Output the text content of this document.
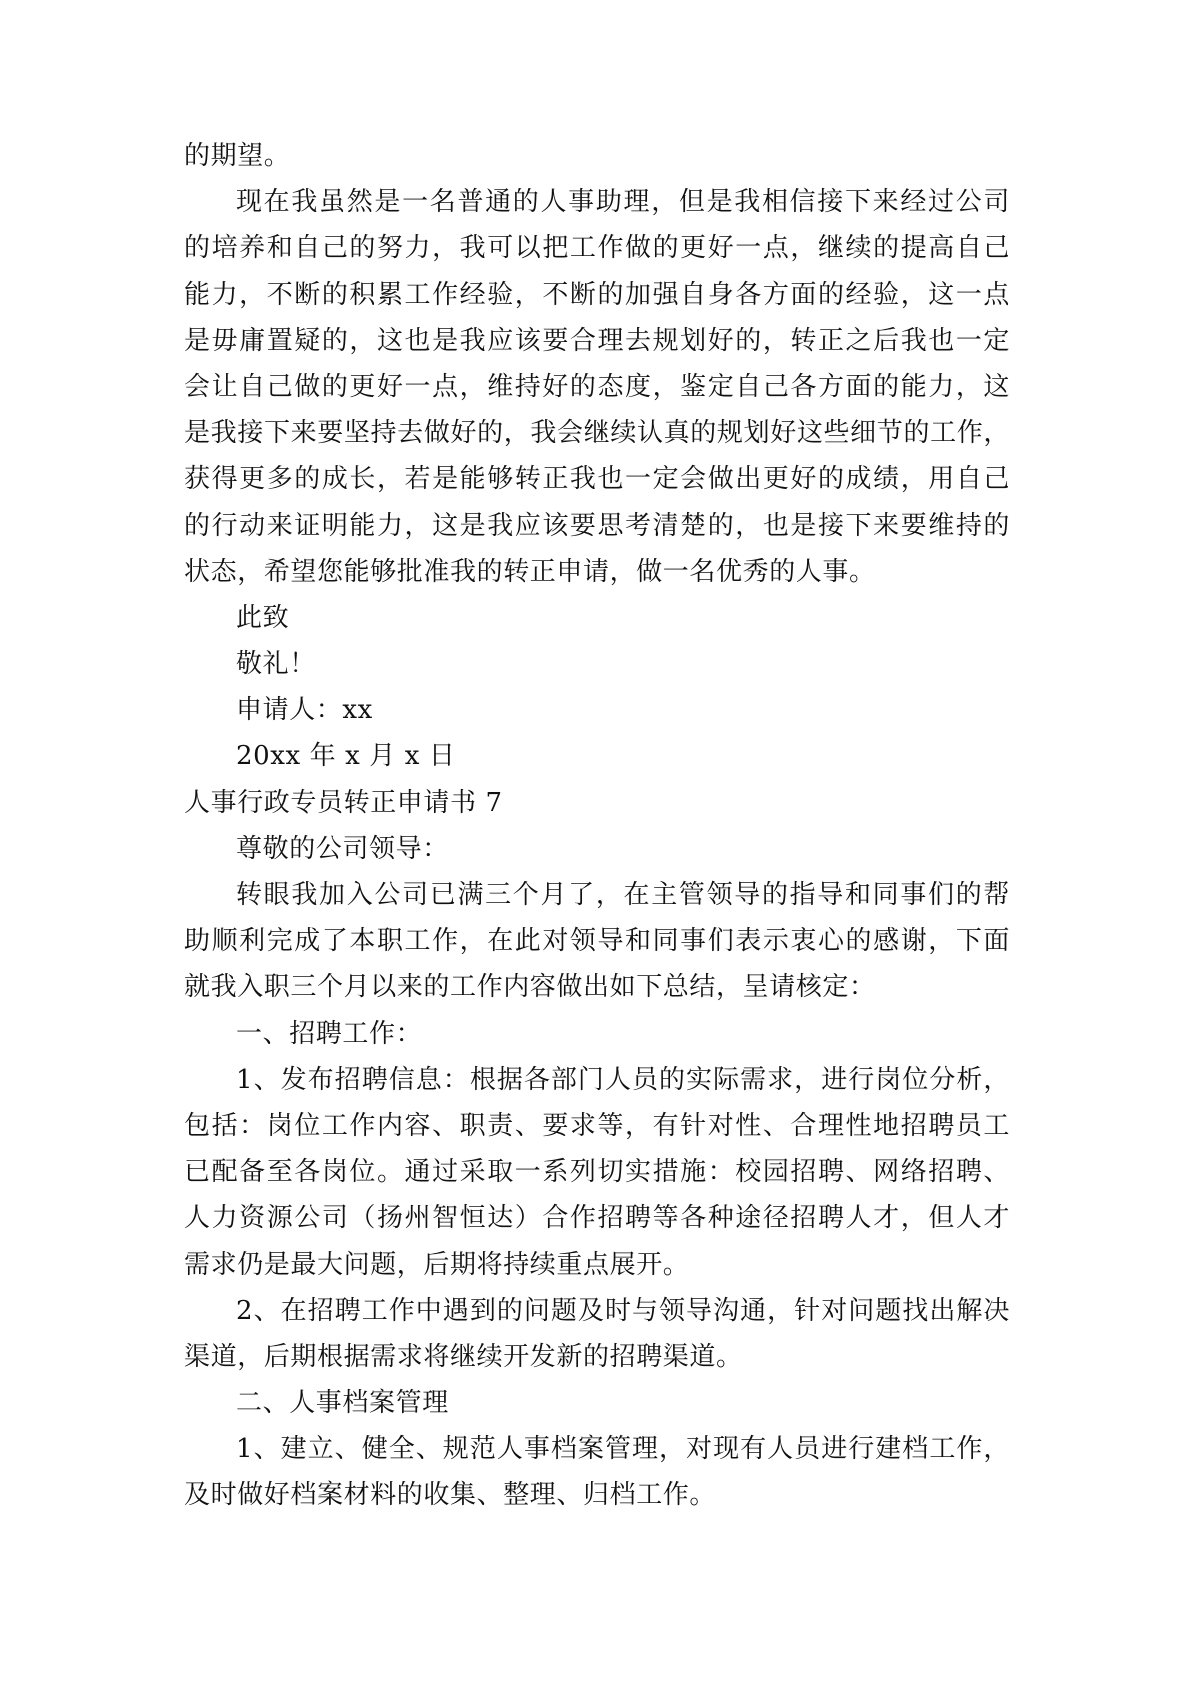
的期望。
现在我虽然是一名普通的人事助理，但是我相信接下来经过公司
的培养和自己的努力，我可以把工作做的更好一点，继续的提高自己
能力，不断的积累工作经验，不断的加强自身各方面的经验，这一点
是毋庸置疑的，这也是我应该要合理去规划好的，转正之后我也一定
会让自己做的更好一点，维持好的态度，鉴定自己各方面的能力，这
是我接下来要坚持去做好的，我会继续认真的规划好这些细节的工作，
获得更多的成长，若是能够转正我也一定会做出更好的成绩，用自己
的行动来证明能力，这是我应该要思考清楚的，也是接下来要维持的
状态，希望您能够批准我的转正申请，做一名优秀的人事。
此致
敬礼！
申请人：xx
20xx 年 x 月 x 日
人事行政专员转正申请书 7
尊敬的公司领导：
转眼我加入公司已满三个月了，在主管领导的指导和同事们的帮
助顺利完成了本职工作，在此对领导和同事们表示衷心的感谢，下面
就我入职三个月以来的工作内容做出如下总结，呈请核定：
一、招聘工作：
1、发布招聘信息：根据各部门人员的实际需求，进行岗位分析，
包括：岗位工作内容、职责、要求等，有针对性、合理性地招聘员工
已配备至各岗位。通过采取一系列切实措施：校园招聘、网络招聘、
人力资源公司（扬州智恒达）合作招聘等各种途径招聘人才，但人才
需求仍是最大问题，后期将持续重点展开。
2、在招聘工作中遇到的问题及时与领导沟通，针对问题找出解决
渠道，后期根据需求将继续开发新的招聘渠道。
二、人事档案管理
1、建立、健全、规范人事档案管理，对现有人员进行建档工作，
及时做好档案材料的收集、整理、归档工作。
